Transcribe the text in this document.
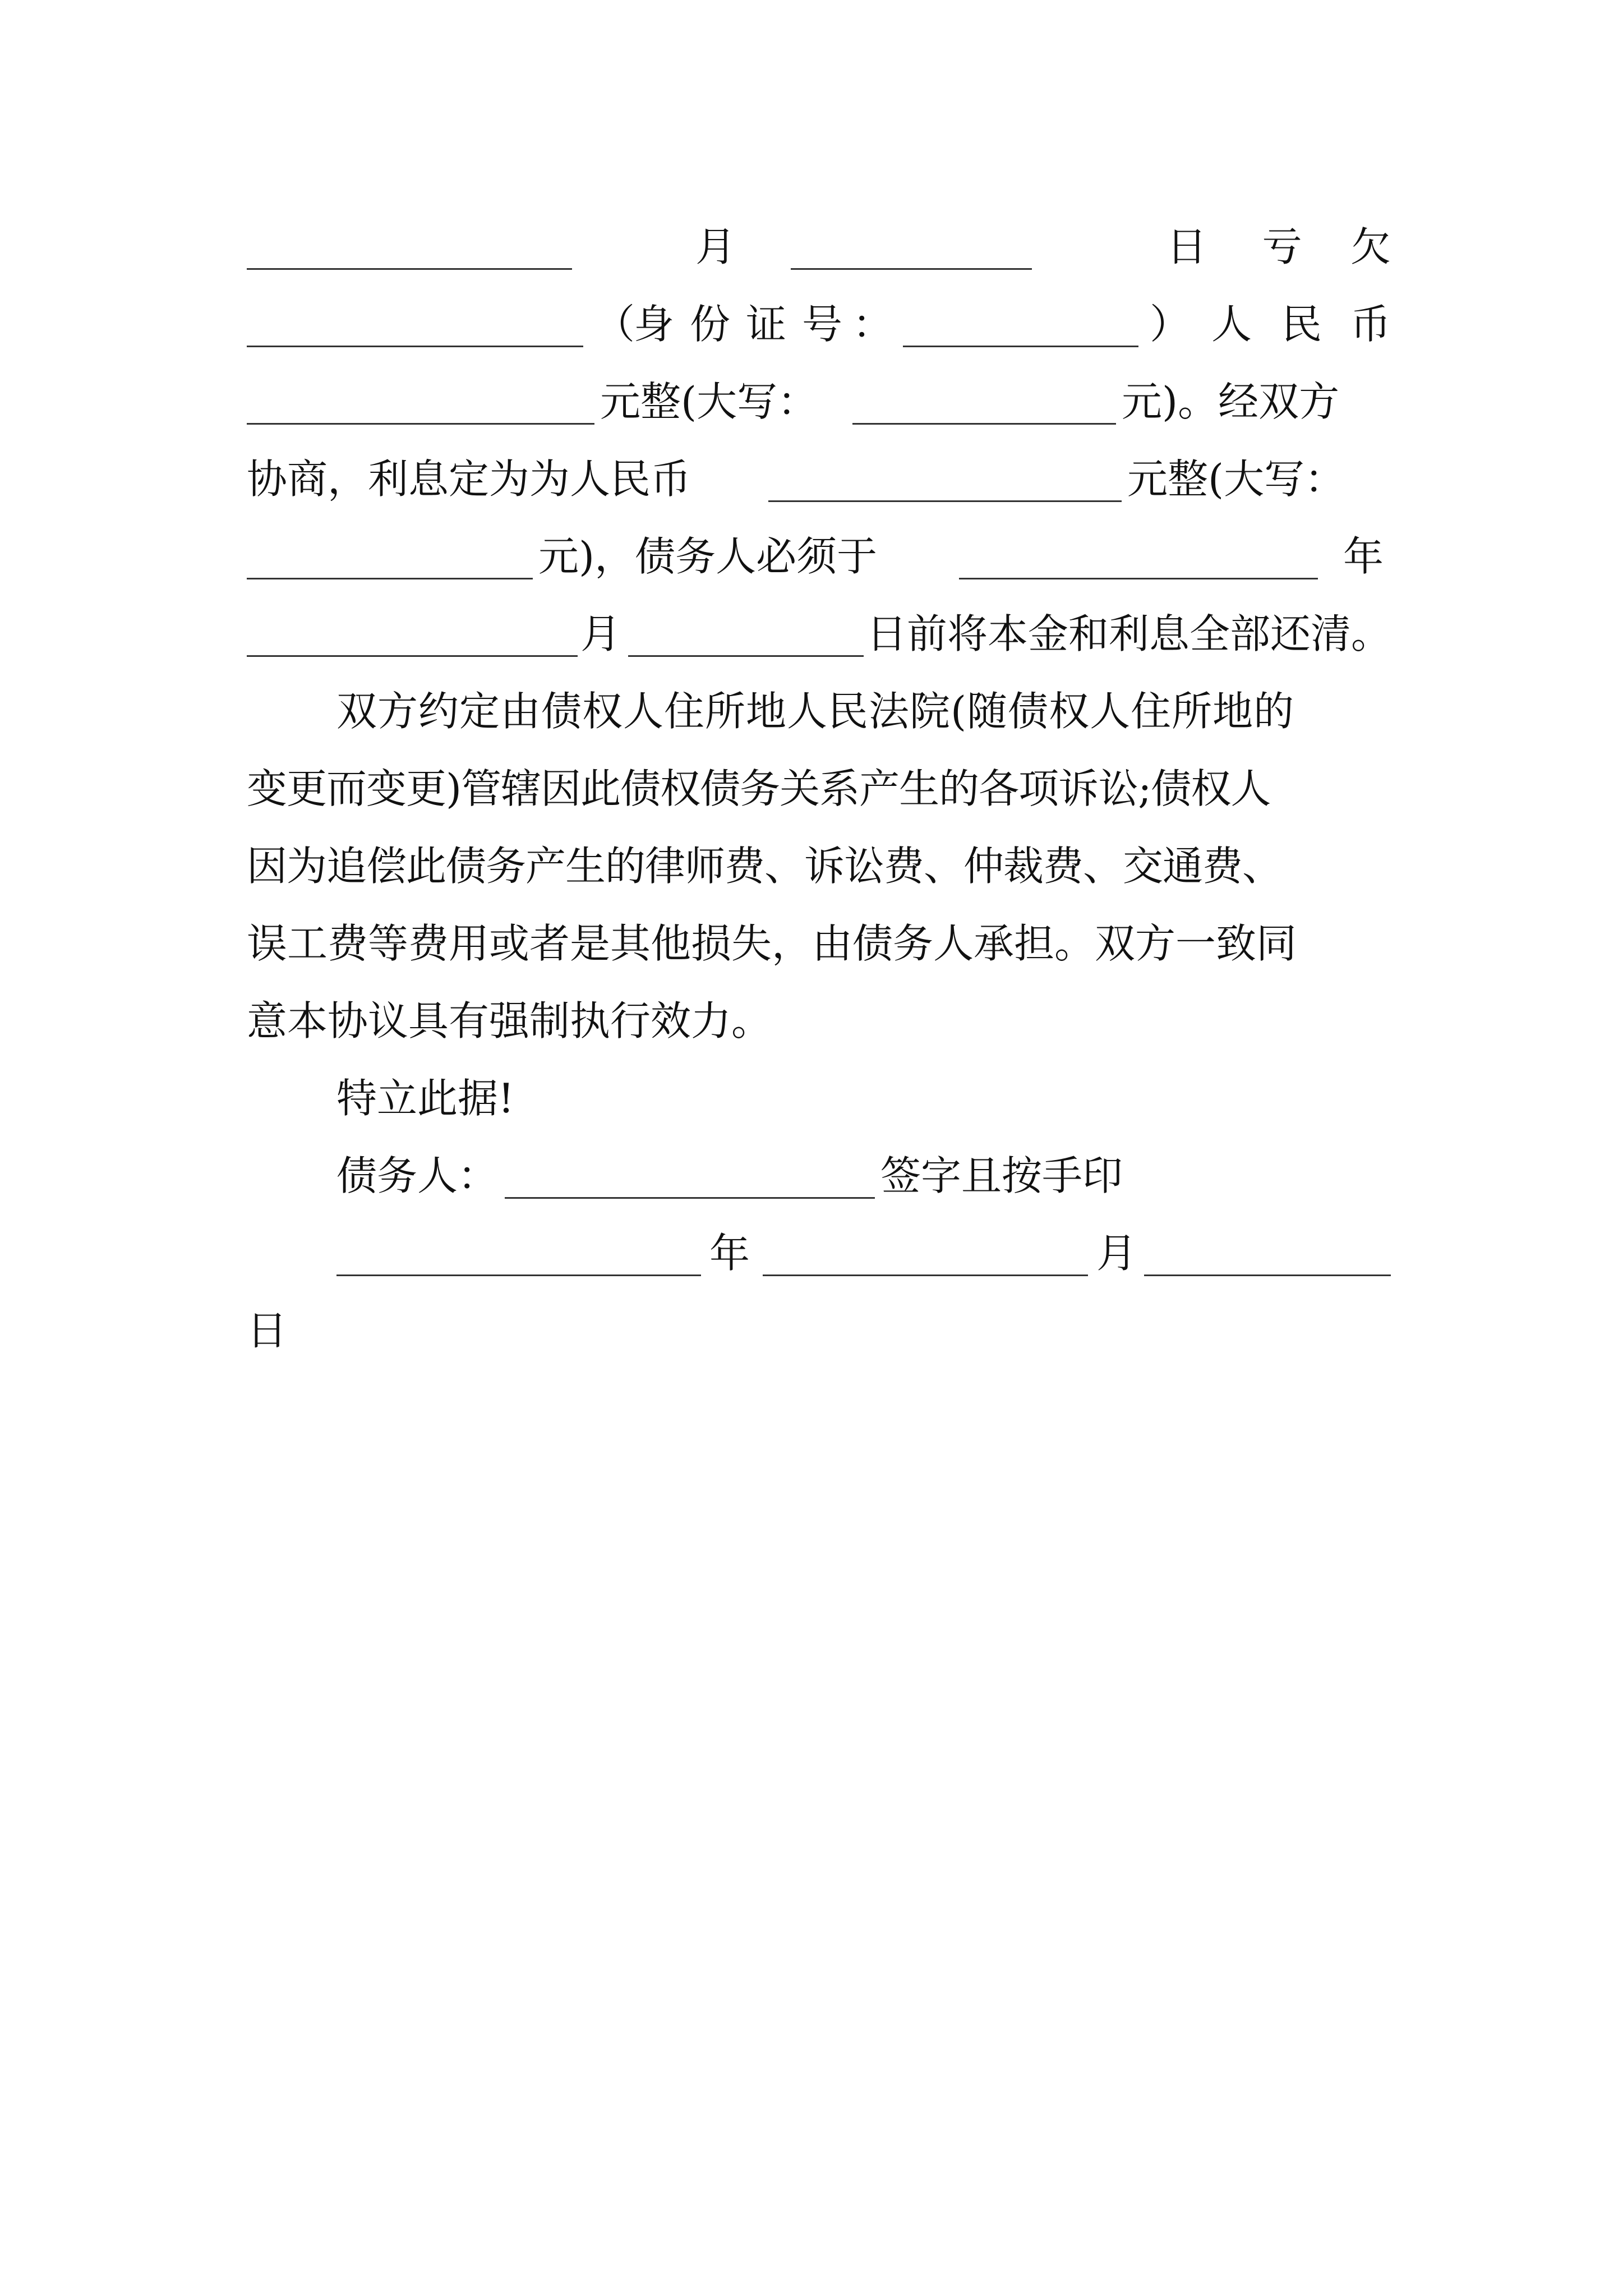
月	日 亏 欠
（
身 份 证 号 ：	） 人 民 币
元整(大写：	元)。经双方
协商，利息定为为人民币	元整(大写：
元)，债务人必须于	年
月	日前将本金和利息全部还清。
双方约定由债权人住所地人民法院(随债权人住所地的
变更而变更)管辖因此债权债务关系产生的各项诉讼;债权人
因为追偿此债务产生的律师费、诉讼费、仲裁费、交通费、
误工费等费用或者是其他损失，由债务人承担。双方一致同
意本协议具有强制执行效力。
特立此据!
债务人：	签字且按手印
年	月
日
